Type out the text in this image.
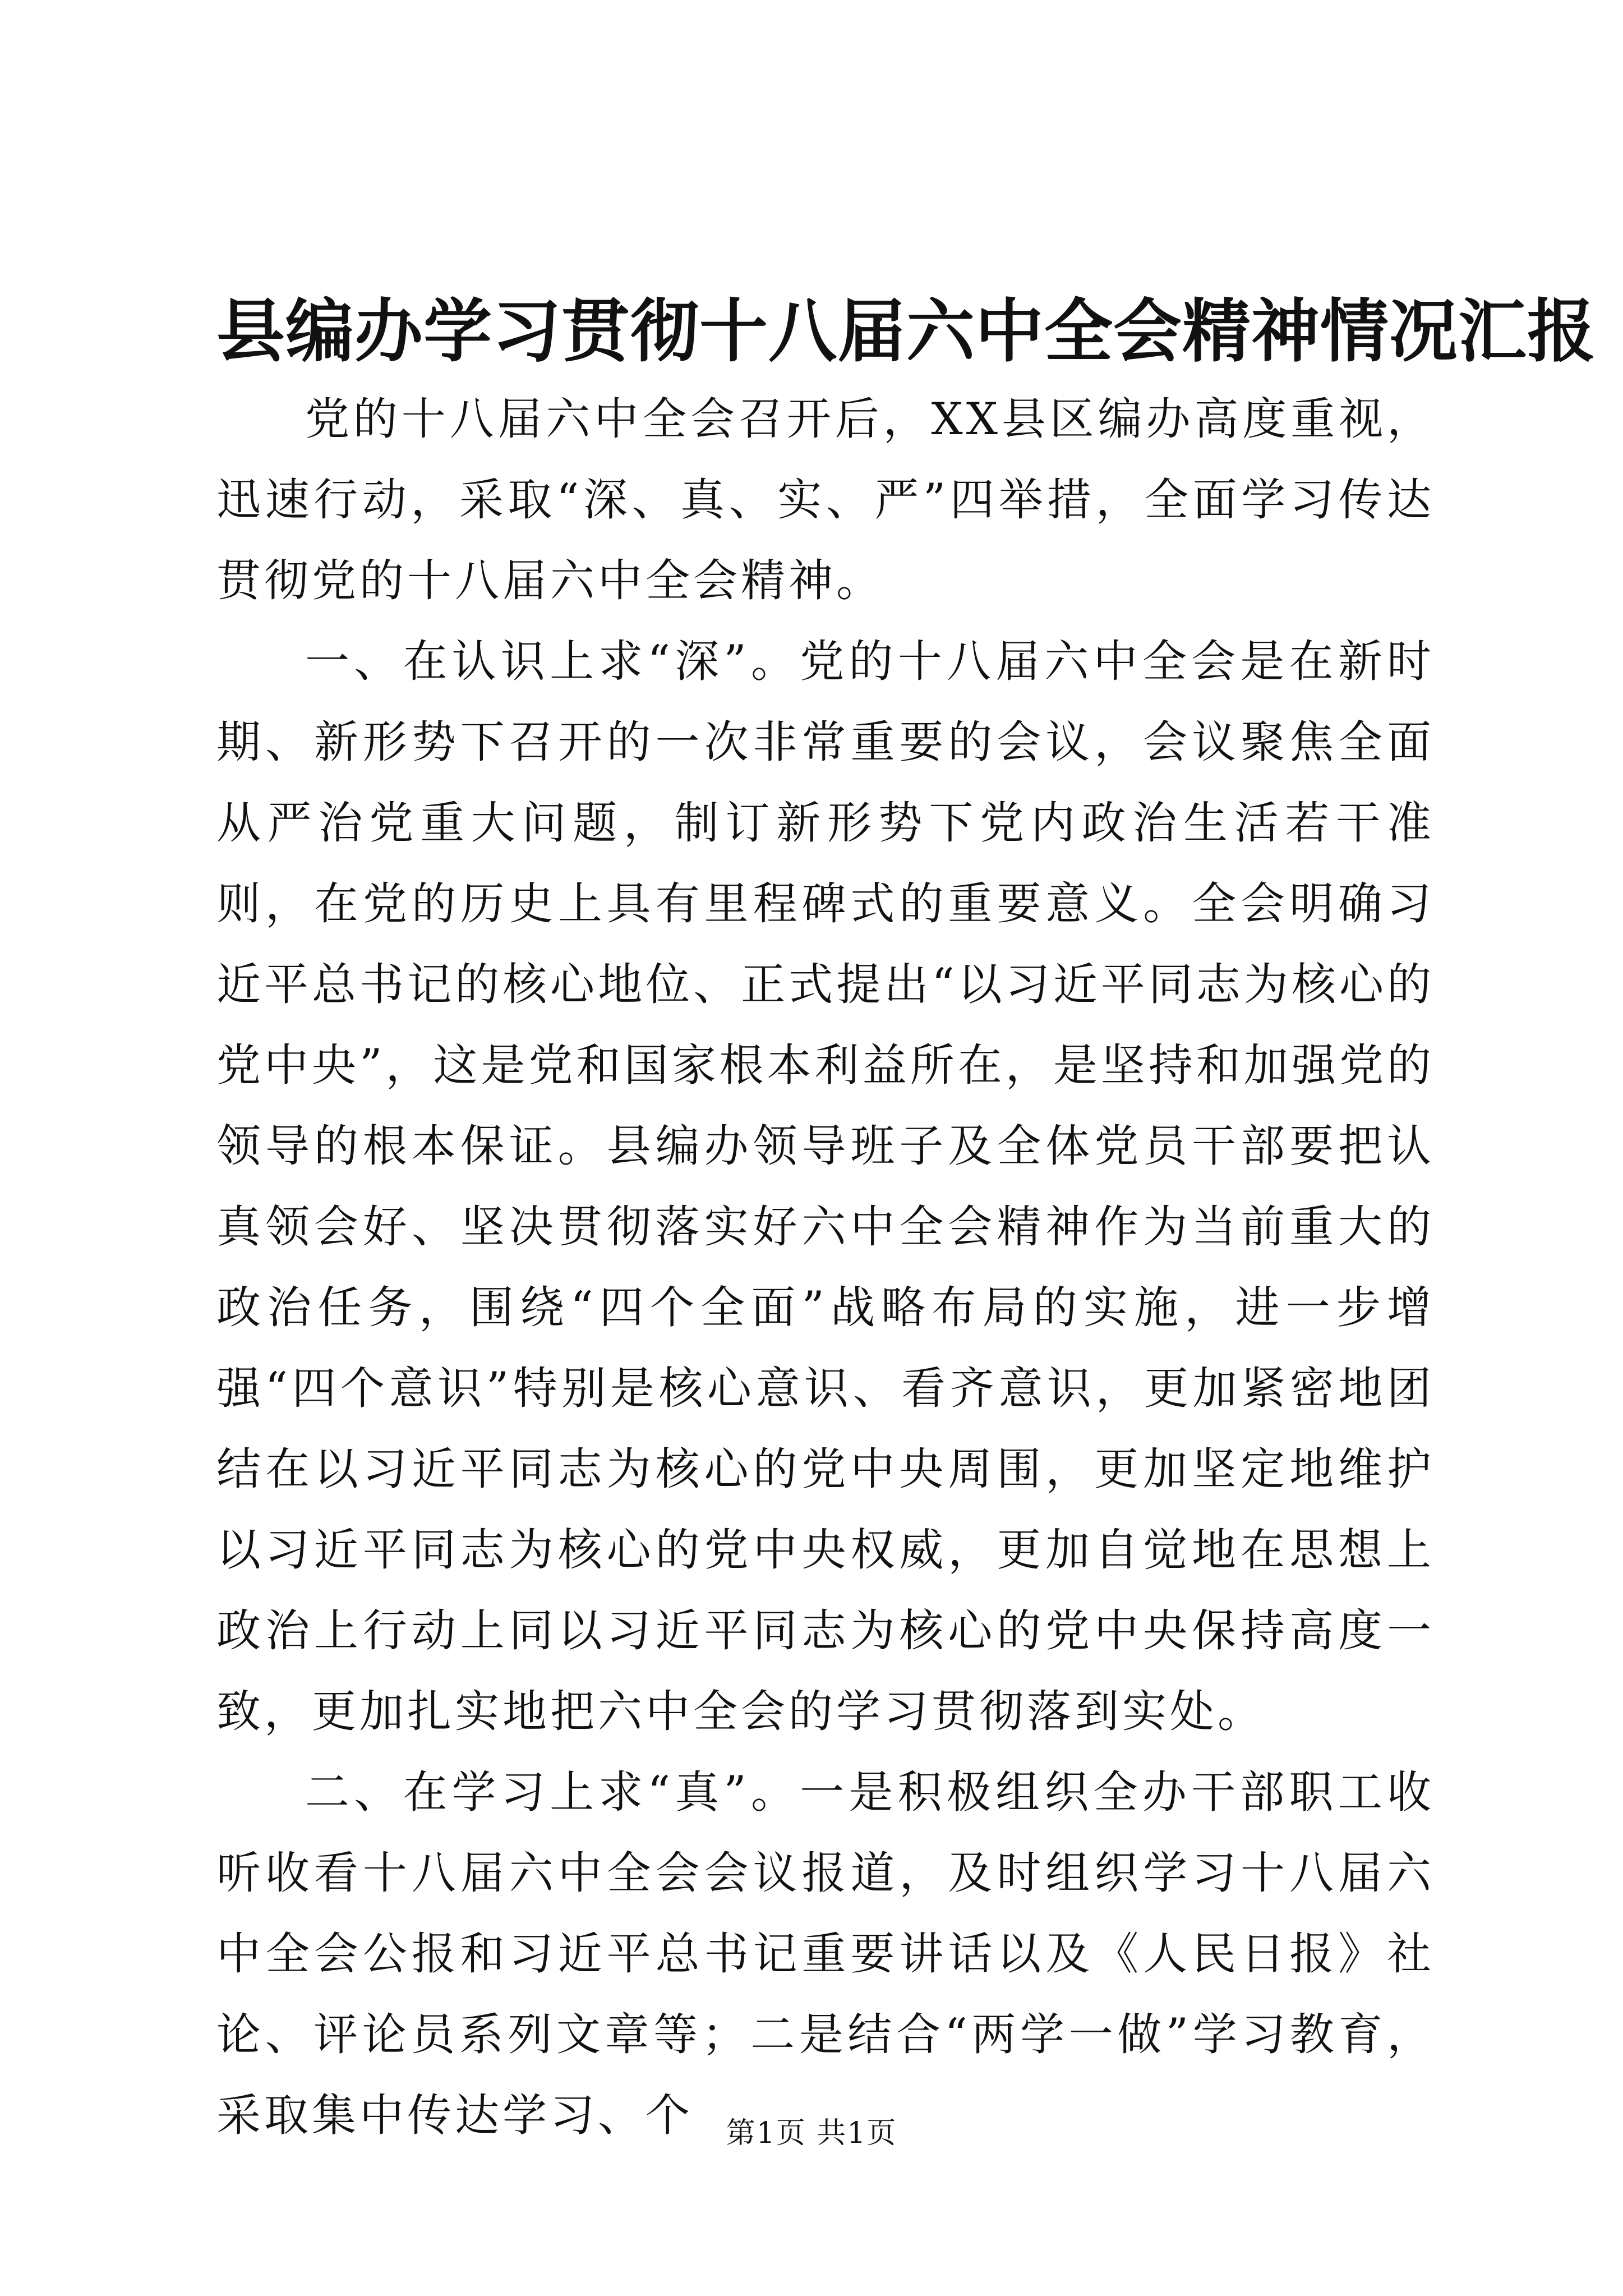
县编办学习贯彻十八届六中全会精神情况汇报

党的十八届六中全会召开后，XX县区编办高度重视，迅速行动，采取“深、真、实、严”四举措，全面学习传达贯彻党的十八届六中全会精神。

一、在认识上求“深”。党的十八届六中全会是在新时期、新形势下召开的一次非常重要的会议，会议聚焦全面从严治党重大问题，制订新形势下党内政治生活若干准则，在党的历史上具有里程碑式的重要意义。全会明确习近平总书记的核心地位、正式提出“以习近平同志为核心的党中央”，这是党和国家根本利益所在，是坚持和加强党的领导的根本保证。县编办领导班子及全体党员干部要把认真领会好、坚决贯彻落实好六中全会精神作为当前重大的政治任务，围绕“四个全面”战略布局的实施，进一步增强“四个意识”特别是核心意识、看齐意识，更加紧密地团结在以习近平同志为核心的党中央周围，更加坚定地维护以习近平同志为核心的党中央权威，更加自觉地在思想上政治上行动上同以习近平同志为核心的党中央保持高度一致，更加扎实地把六中全会的学习贯彻落到实处。

二、在学习上求“真”。一是积极组织全办干部职工收听收看十八届六中全会会议报道，及时组织学习十八届六中全会公报和习近平总书记重要讲话以及《人民日报》社论、评论员系列文章等；二是结合“两学一做”学习教育，采取集中传达学习、个	第1页 共1页
